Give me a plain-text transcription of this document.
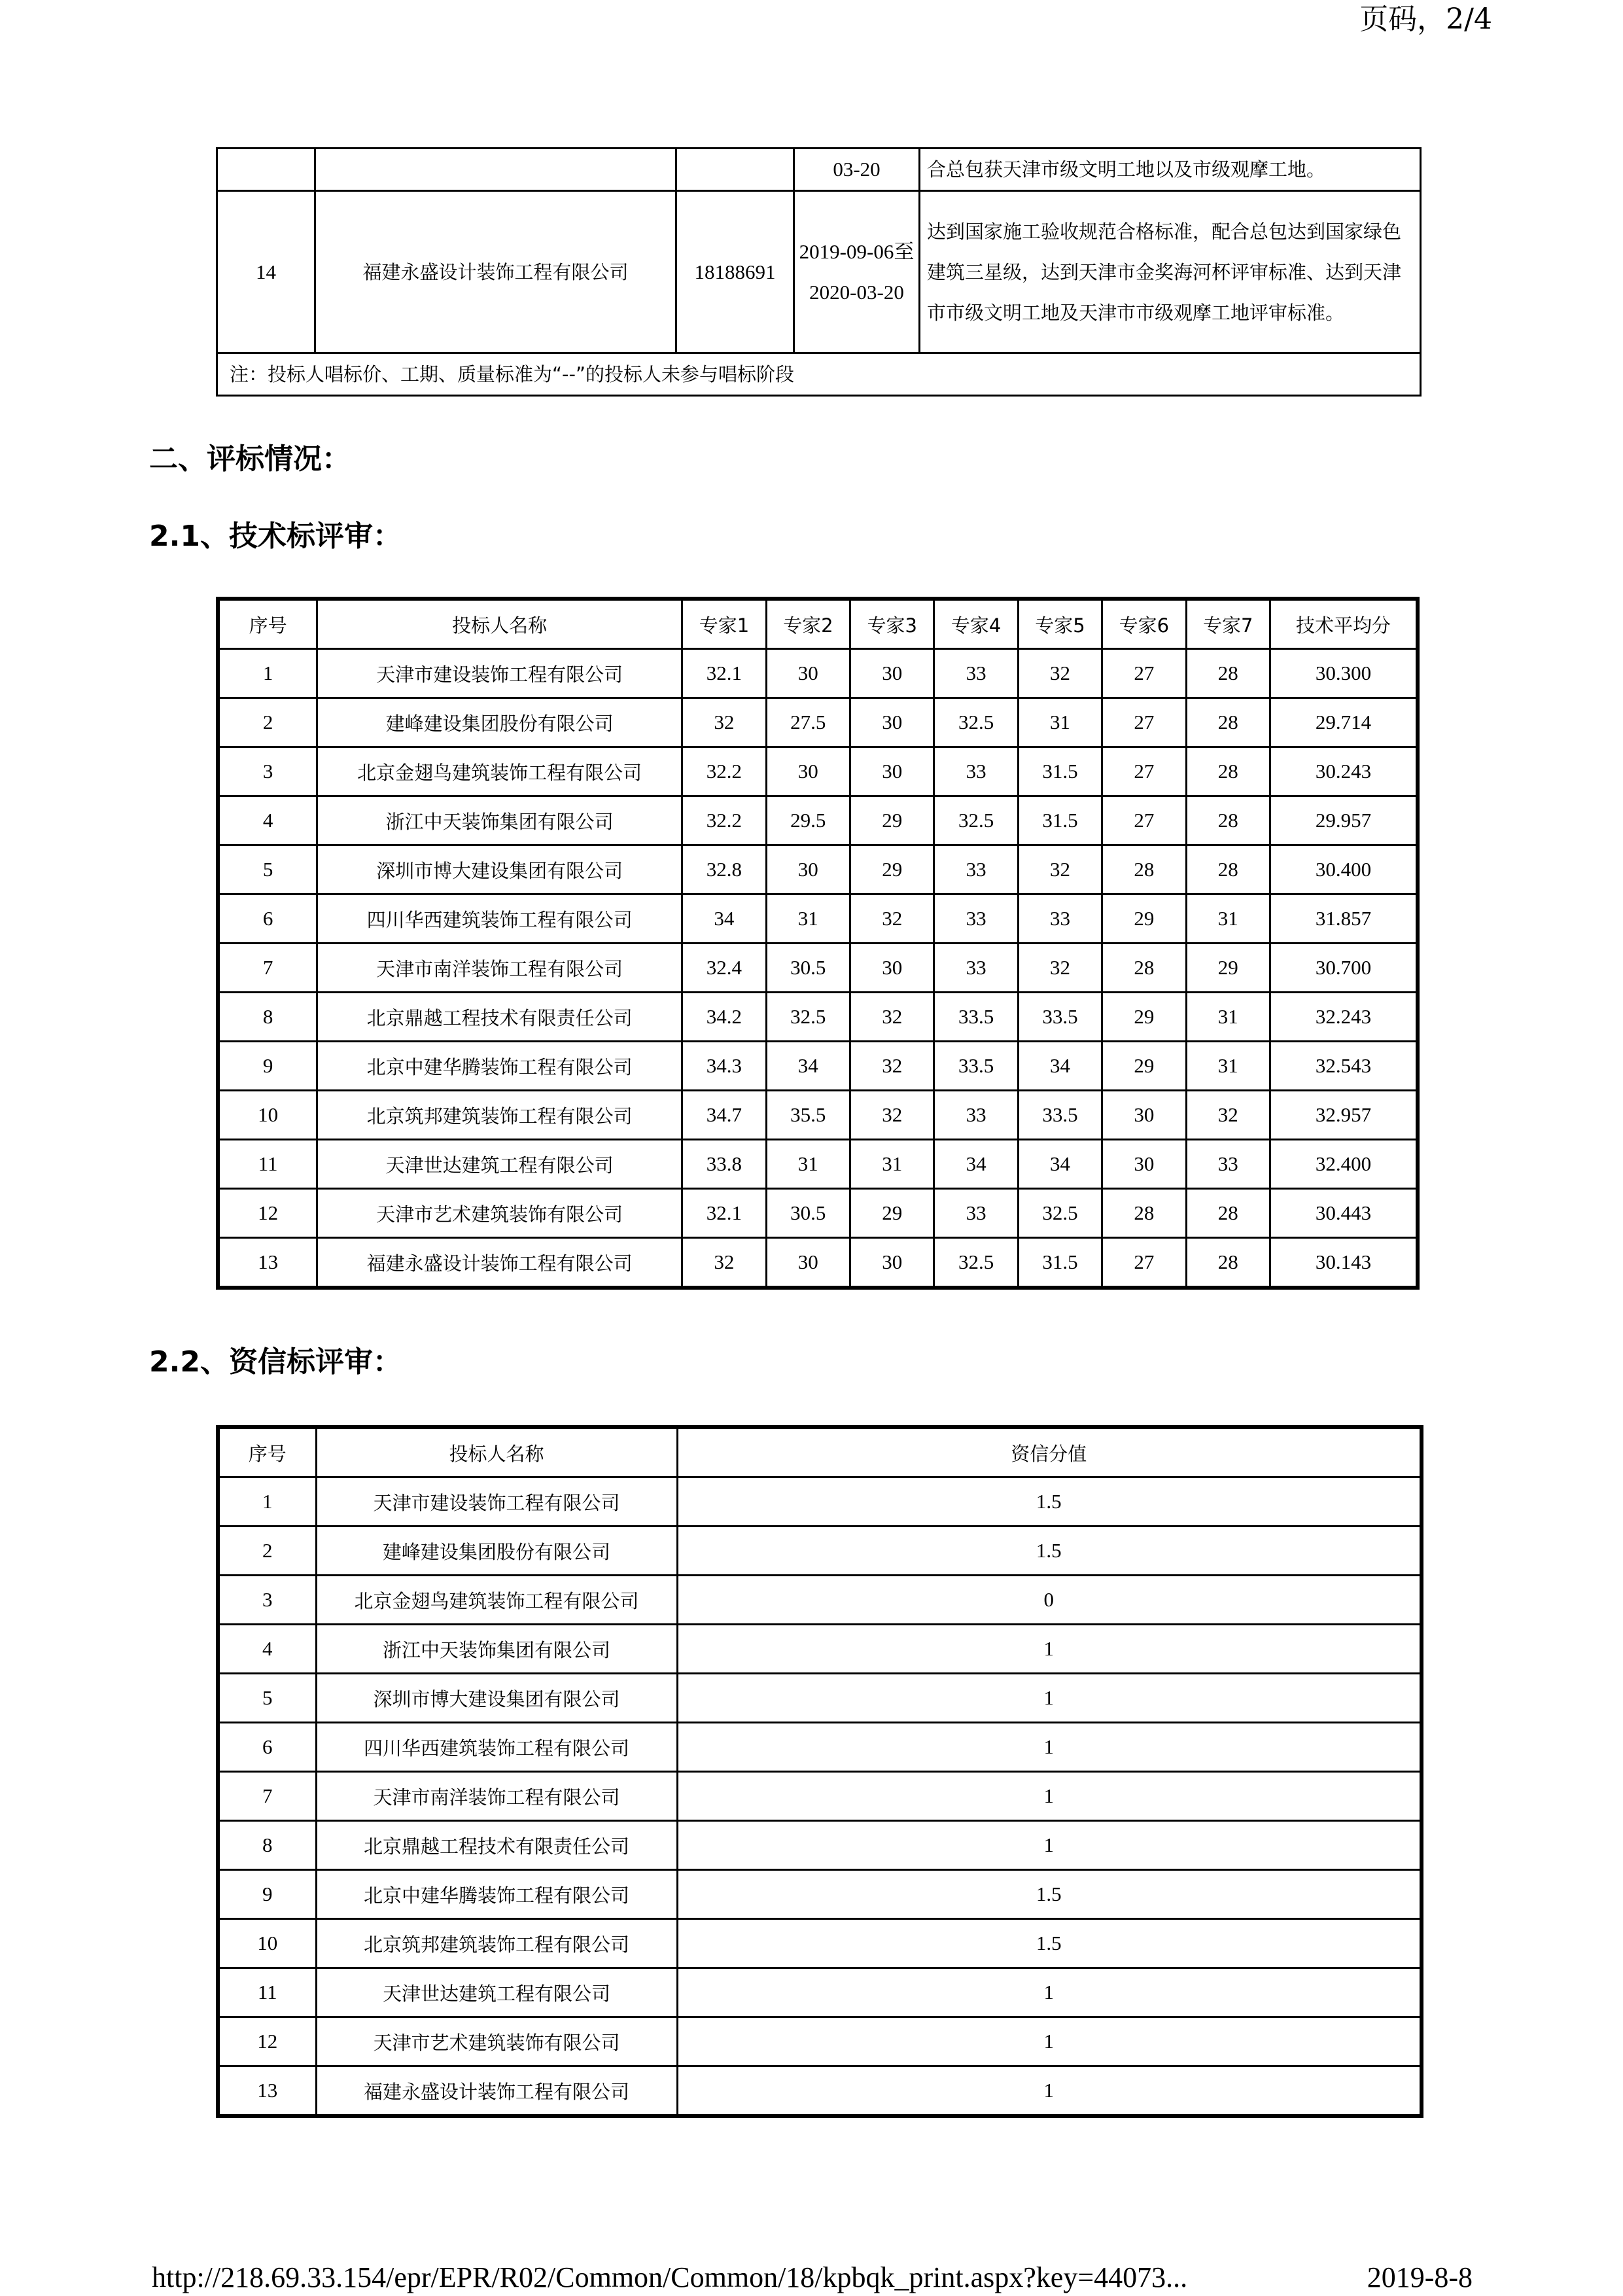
页码，2/4
			03-20	合总包获天津市级文明工地以及市级观摩工地。
14	福建永盛设计装饰工程有限公司	18188691	2019-09-06至2020-03-20	达到国家施工验收规范合格标准，配合总包达到国家绿色建筑三星级，达到天津市金奖海河杯评审标准、达到天津市市级文明工地及天津市市级观摩工地评审标准。
注：投标人唱标价、工期、质量标准为“--”的投标人未参与唱标阶段				
二、评标情况：
2.1、技术标评审：
序号	投标人名称	专家1	专家2	专家3	专家4	专家5	专家6	专家7	技术平均分
1	天津市建设装饰工程有限公司	32.1	30	30	33	32	27	28	30.300
2	建峰建设集团股份有限公司	32	27.5	30	32.5	31	27	28	29.714
3	北京金翅鸟建筑装饰工程有限公司	32.2	30	30	33	31.5	27	28	30.243
4	浙江中天装饰集团有限公司	32.2	29.5	29	32.5	31.5	27	28	29.957
5	深圳市博大建设集团有限公司	32.8	30	29	33	32	28	28	30.400
6	四川华西建筑装饰工程有限公司	34	31	32	33	33	29	31	31.857
7	天津市南洋装饰工程有限公司	32.4	30.5	30	33	32	28	29	30.700
8	北京鼎越工程技术有限责任公司	34.2	32.5	32	33.5	33.5	29	31	32.243
9	北京中建华腾装饰工程有限公司	34.3	34	32	33.5	34	29	31	32.543
10	北京筑邦建筑装饰工程有限公司	34.7	35.5	32	33	33.5	30	32	32.957
11	天津世达建筑工程有限公司	33.8	31	31	34	34	30	33	32.400
12	天津市艺术建筑装饰有限公司	32.1	30.5	29	33	32.5	28	28	30.443
13	福建永盛设计装饰工程有限公司	32	30	30	32.5	31.5	27	28	30.143
2.2、资信标评审：
序号	投标人名称	资信分值
1	天津市建设装饰工程有限公司	1.5
2	建峰建设集团股份有限公司	1.5
3	北京金翅鸟建筑装饰工程有限公司	0
4	浙江中天装饰集团有限公司	1
5	深圳市博大建设集团有限公司	1
6	四川华西建筑装饰工程有限公司	1
7	天津市南洋装饰工程有限公司	1
8	北京鼎越工程技术有限责任公司	1
9	北京中建华腾装饰工程有限公司	1.5
10	北京筑邦建筑装饰工程有限公司	1.5
11	天津世达建筑工程有限公司	1
12	天津市艺术建筑装饰有限公司	1
13	福建永盛设计装饰工程有限公司	1
http://218.69.33.154/epr/EPR/R02/Common/Common/18/kpbqk_print.aspx?key=44073...	2019-8-8
